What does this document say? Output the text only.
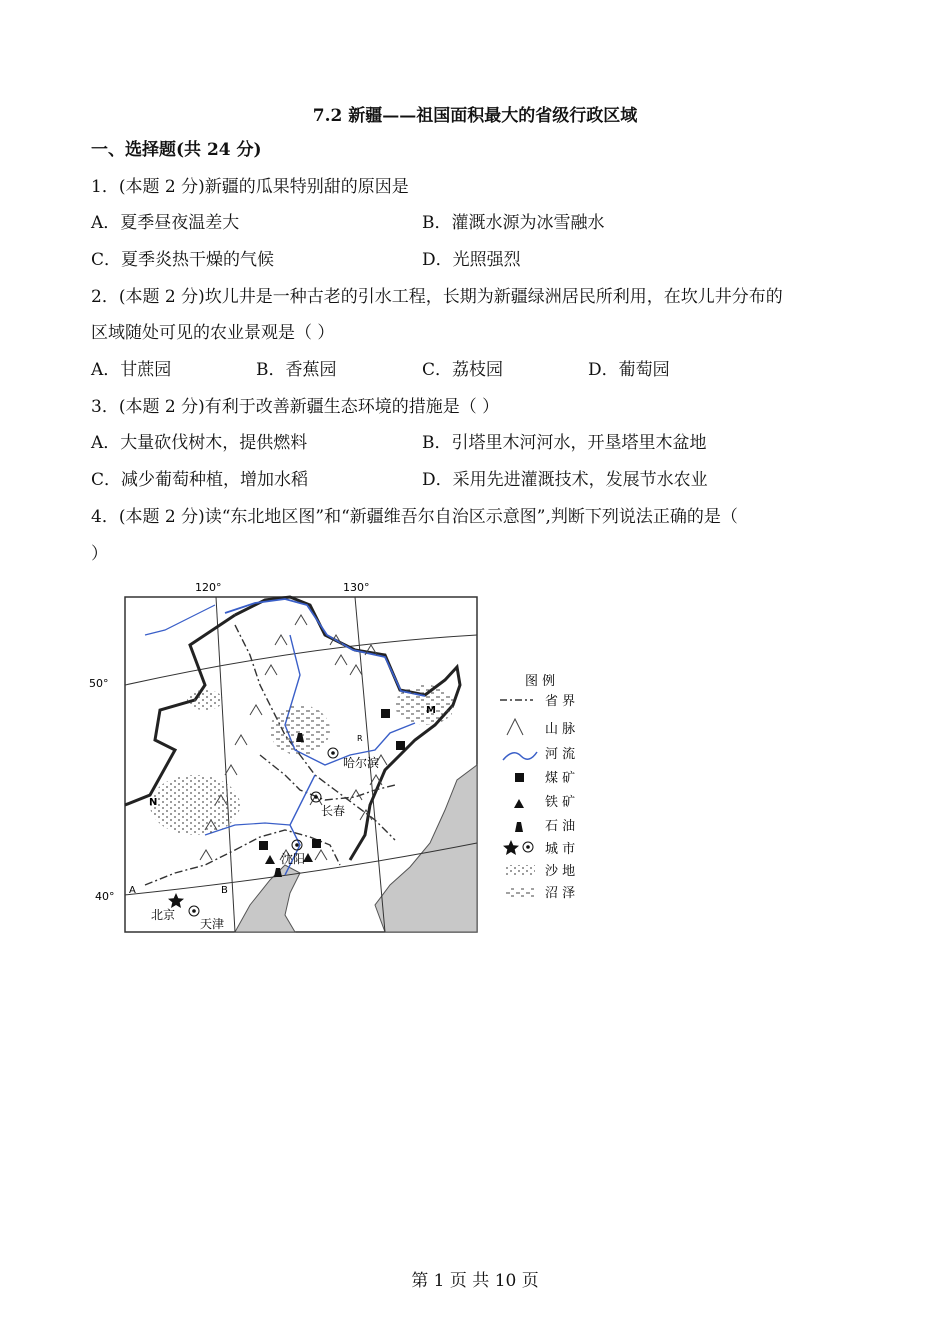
7.2 新疆——祖国面积最大的省级行政区域
一、选择题(共 24 分)
1．(本题 2 分)新疆的瓜果特别甜的原因是
A．夏季昼夜温差大	B．灌溉水源为冰雪融水
C．夏季炎热干燥的气候	D．光照强烈
2．(本题 2 分)坎儿井是一种古老的引水工程，长期为新疆绿洲居民所利用，在坎儿井分布的
区域随处可见的农业景观是（ ）
A．甘蔗园	B．香蕉园	C．荔枝园	D．葡萄园
3．(本题 2 分)有利于改善新疆生态环境的措施是（ ）
A．大量砍伐树木，提供燃料	B．引塔里木河河水，开垦塔里木盆地
C．减少葡萄种植，增加水稻	D．采用先进灌溉技术，发展节水农业
4．(本题 2 分)读“东北地区图”和“新疆维吾尔自治区示意图”,判断下列说法正确的是（
）
哈尔滨
长春
沈阳
北京
天津
M
N
A	B
R
120°	130°
50°
40°
图 例
省 界
山 脉
河 流
煤 矿
铁 矿
石 油
城 市
沙 地
沼 泽
第 1 页 共 10 页
